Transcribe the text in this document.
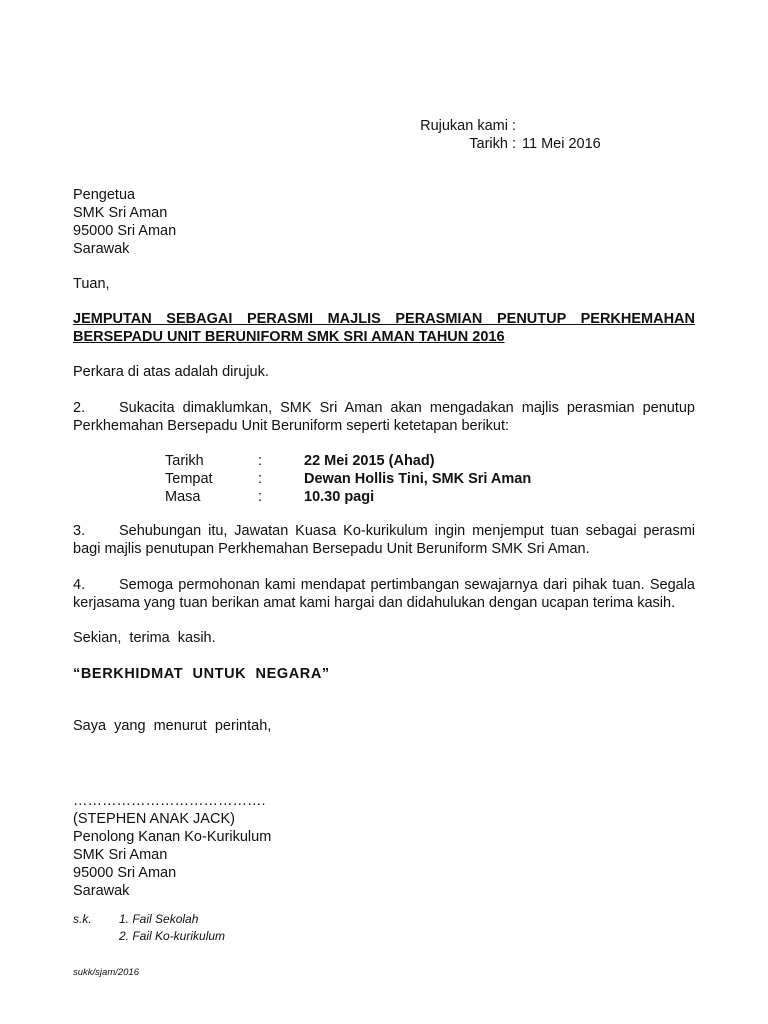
Rujukan kami :
Tarikh : 11 Mei 2016
Pengetua
SMK Sri Aman
95000 Sri Aman
Sarawak
Tuan,
JEMPUTAN SEBAGAI PERASMI MAJLIS PERASMIAN PENUTUP PERKHEMAHAN
BERSEPADU UNIT BERUNIFORM SMK SRI AMAN TAHUN 2016
Perkara di atas adalah dirujuk.
2. Sukacita dimaklumkan, SMK Sri Aman akan mengadakan majlis perasmian penutup Perkhemahan Bersepadu Unit Beruniform seperti ketetapan berikut:
Tarikh	:	22 Mei 2015 (Ahad)
Tempat	:	Dewan Hollis Tini, SMK Sri Aman
Masa	:	10.30 pagi
3. Sehubungan itu, Jawatan Kuasa Ko-kurikulum ingin menjemput tuan sebagai perasmi bagi majlis penutupan Perkhemahan Bersepadu Unit Beruniform SMK Sri Aman.
4. Semoga permohonan kami mendapat pertimbangan sewajarnya dari pihak tuan. Segala kerjasama yang tuan berikan amat kami hargai dan didahulukan dengan ucapan terima kasih.
Sekian,  terima  kasih.
“BERKHIDMAT  UNTUK  NEGARA”
Saya  yang  menurut  perintah,
………………………………….
(STEPHEN ANAK JACK)
Penolong Kanan Ko-Kurikulum
SMK Sri Aman
95000 Sri Aman
Sarawak
s.k.	1. Fail Sekolah
2. Fail Ko-kurikulum
sukk/sjam/2016
